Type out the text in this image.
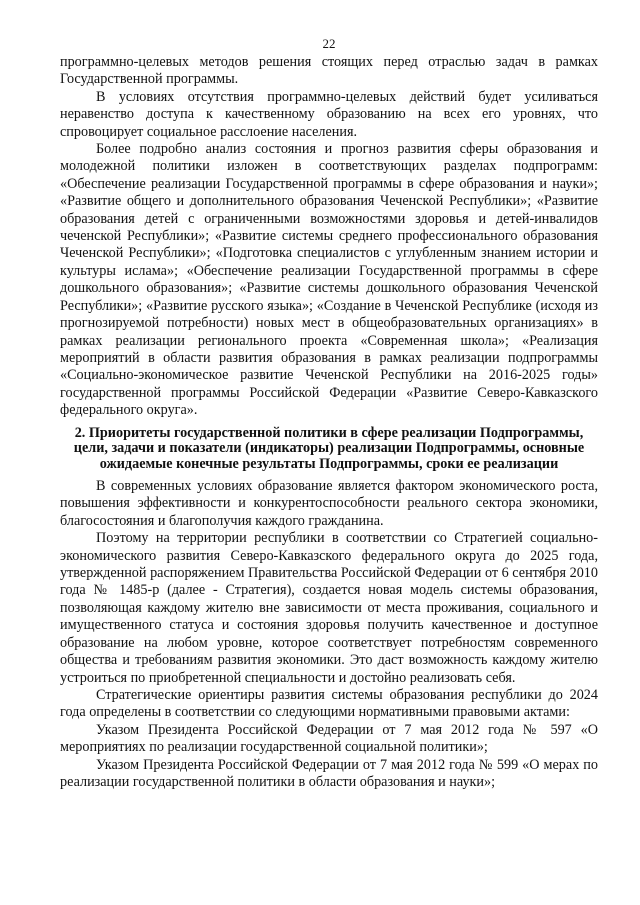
22

программно-целевых методов решения стоящих перед отраслью задач в рамках Государственной программы.

В условиях отсутствия программно-целевых действий будет усиливаться неравенство доступа к качественному образованию на всех его уровнях, что спровоцирует социальное расслоение населения.

Более подробно анализ состояния и прогноз развития сферы образования и молодежной политики изложен в соответствующих разделах подпрограмм: «Обеспечение реализации Государственной программы в сфере образования и науки»; «Развитие общего и дополнительного образования Чеченской Республики»; «Развитие образования детей с ограниченными возможностями здоровья и детей-инвалидов чеченской Республики»; «Развитие системы среднего профессионального образования Чеченской Республики»; «Подготовка специалистов с углубленным знанием истории и культуры ислама»; «Обеспечение реализации Государственной программы в сфере дошкольного образования»; «Развитие системы дошкольного образования Чеченской Республики»; «Развитие русского языка»; «Создание в Чеченской Республике (исходя из прогнозируемой потребности) новых мест в общеобразовательных организациях» в рамках реализации регионального проекта «Современная школа»; «Реализация мероприятий в области развития образования в рамках реализации подпрограммы «Социально-экономическое развитие Чеченской Республики на 2016-2025 годы» государственной программы Российской Федерации «Развитие Северо-Кавказского федерального округа».

2. Приоритеты государственной политики в сфере реализации Подпрограммы, цели, задачи и показатели (индикаторы) реализации Подпрограммы, основные ожидаемые конечные результаты Подпрограммы, сроки ее реализации

В современных условиях образование является фактором экономического роста, повышения эффективности и конкурентоспособности реального сектора экономики, благосостояния и благополучия каждого гражданина.

Поэтому на территории республики в соответствии со Стратегией социально-экономического развития Северо-Кавказского федерального округа до 2025 года, утвержденной распоряжением Правительства Российской Федерации от 6 сентября 2010 года № 1485-р (далее - Стратегия), создается новая модель системы образования, позволяющая каждому жителю вне зависимости от места проживания, социального и имущественного статуса и состояния здоровья получить качественное и доступное образование на любом уровне, которое соответствует потребностям современного общества и требованиям развития экономики. Это даст возможность каждому жителю устроиться по приобретенной специальности и достойно реализовать себя.

Стратегические ориентиры развития системы образования республики до 2024 года определены в соответствии со следующими нормативными правовыми актами:

Указом Президента Российской Федерации от 7 мая 2012 года № 597 «О мероприятиях по реализации государственной социальной политики»;

Указом Президента Российской Федерации от 7 мая 2012 года № 599 «О мерах по реализации государственной политики в области образования и науки»;
